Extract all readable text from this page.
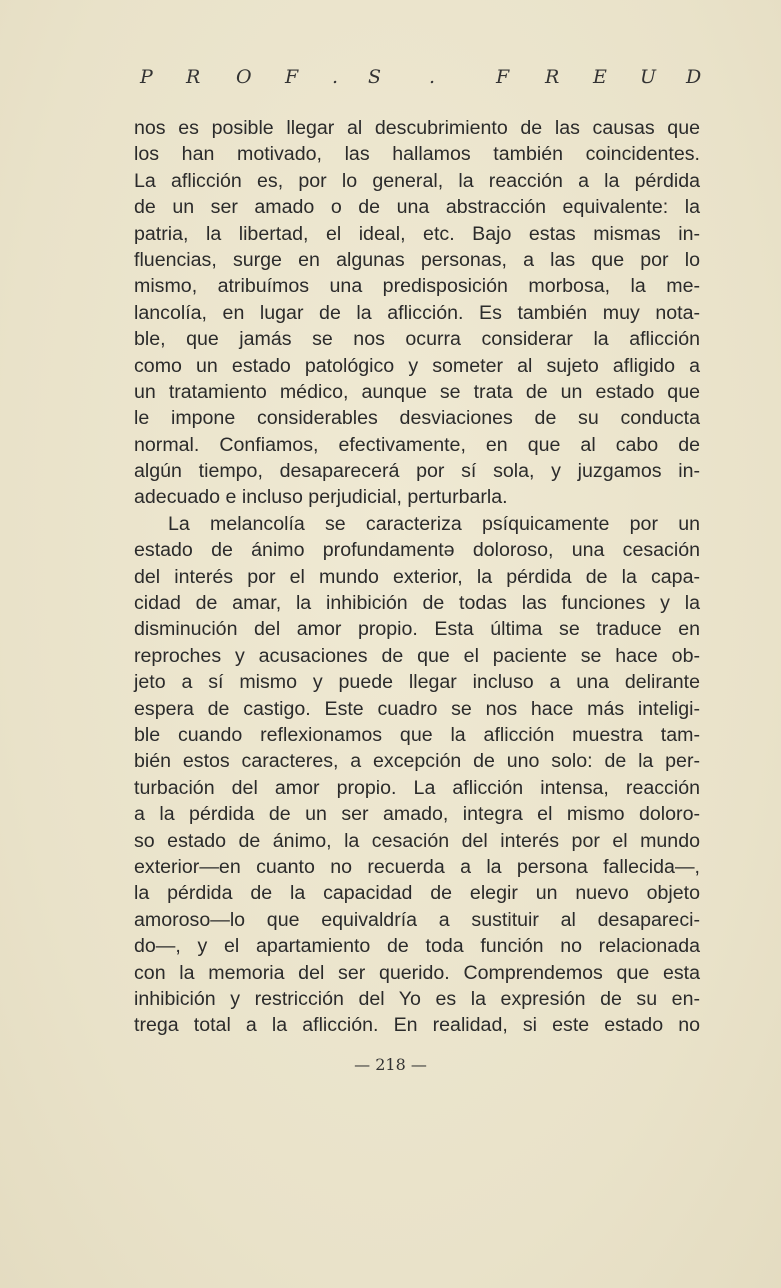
P R O F . S	.	F R E U D
nos es posible llegar al descubrimiento de las causas que
los han motivado, las hallamos también coincidentes.
La aflicción es, por lo general, la reacción a la pérdida
de un ser amado o de una abstracción equivalente: la
patria, la libertad, el ideal, etc. Bajo estas mismas in-
fluencias, surge en algunas personas, a las que por lo
mismo, atribuímos una predisposición morbosa, la me-
lancolía, en lugar de la aflicción. Es también muy nota-
ble, que jamás se nos ocurra considerar la aflicción
como un estado patológico y someter al sujeto afligido a
un tratamiento médico, aunque se trata de un estado que
le impone considerables desviaciones de su conducta
normal. Confiamos, efectivamente, en que al cabo de
algún tiempo, desaparecerá por sí sola, y juzgamos in-
adecuado e incluso perjudicial, perturbarla.
La melancolía se caracteriza psíquicamente por un
estado de ánimo profundamentə doloroso, una cesación
del interés por el mundo exterior, la pérdida de la capa-
cidad de amar, la inhibición de todas las funciones y la
disminución del amor propio. Esta última se traduce en
reproches y acusaciones de que el paciente se hace ob-
jeto a sí mismo y puede llegar incluso a una delirante
espera de castigo. Este cuadro se nos hace más inteligi-
ble cuando reflexionamos que la aflicción muestra tam-
bién estos caracteres, a excepción de uno solo: de la per-
turbación del amor propio. La aflicción intensa, reacción
a la pérdida de un ser amado, integra el mismo doloro-
so estado de ánimo, la cesación del interés por el mundo
exterior—en cuanto no recuerda a la persona fallecida—,
la pérdida de la capacidad de elegir un nuevo objeto
amoroso—lo que equivaldría a sustituir al desapareci-
do—, y el apartamiento de toda función no relacionada
con la memoria del ser querido. Comprendemos que esta
inhibición y restricción del Yo es la expresión de su en-
trega total a la aflicción. En realidad, si este estado no
— 218 —
